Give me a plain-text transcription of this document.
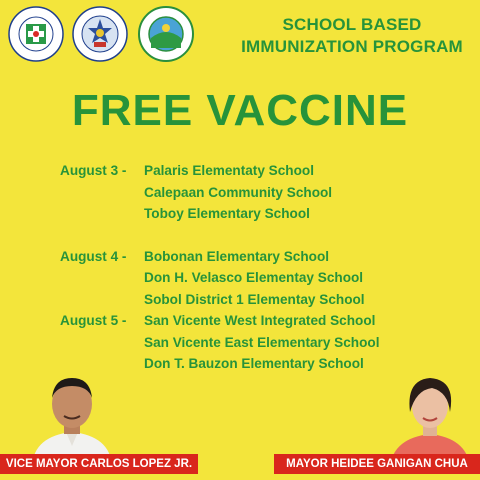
SCHOOL BASED
IMMUNIZATION PROGRAM
FREE VACCINE
August 3 -	Palaris Elementaty School
Calepaan Community School
Toboy Elementary School
August 4 -	Bobonan Elementary School
Don H. Velasco Elementay School
Sobol District 1 Elementay School
August 5 -	San Vicente West Integrated School
San Vicente East Elementary School
Don T. Bauzon Elementary School
VICE MAYOR CARLOS LOPEZ JR.	MAYOR HEIDEE GANIGAN CHUA
